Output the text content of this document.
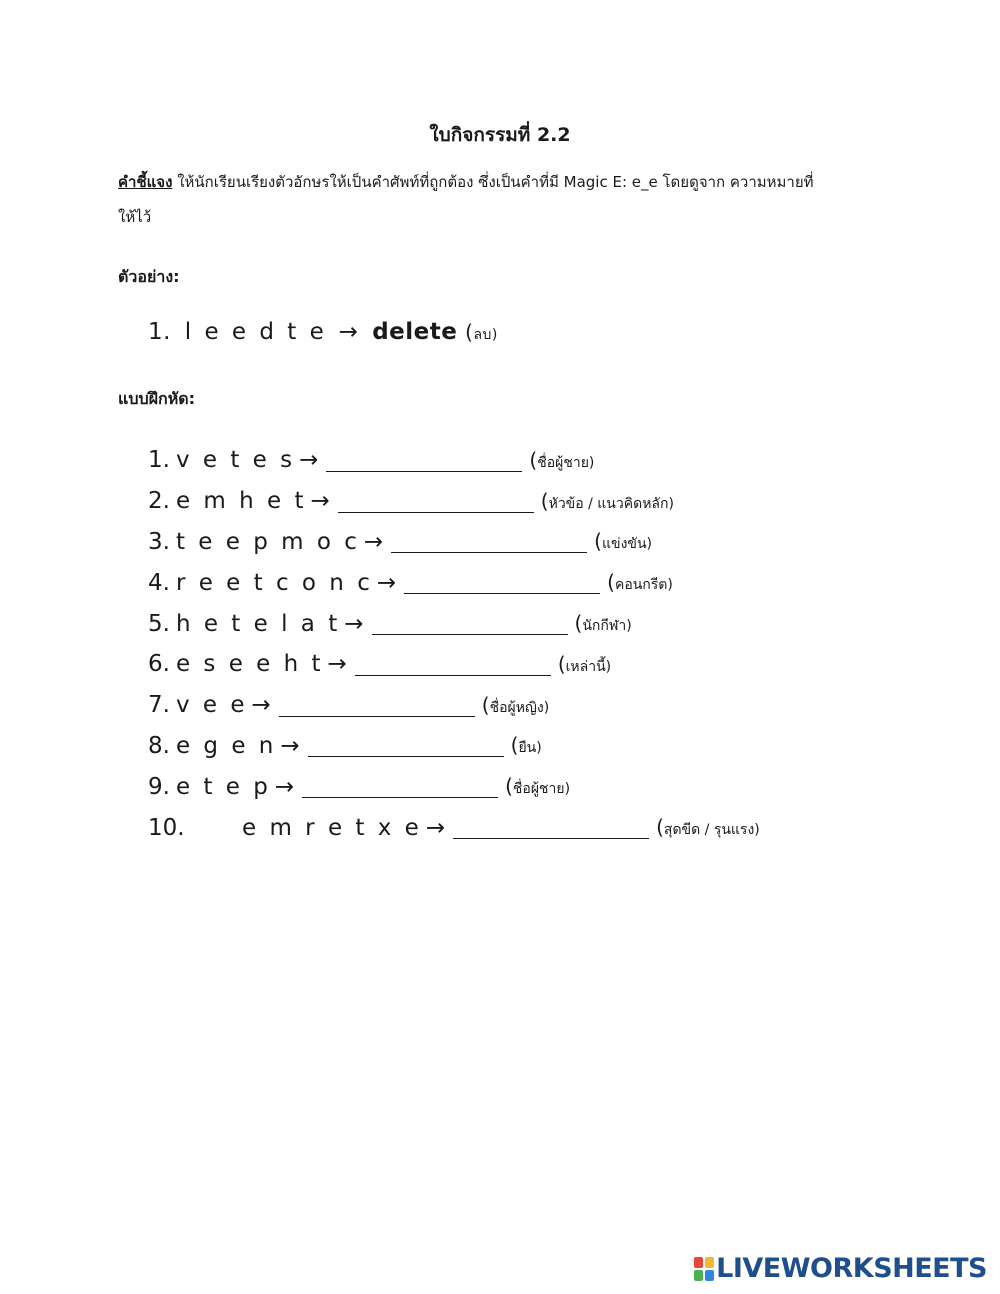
ใบกิจกรรมที่ 2.2
คำชี้แจง ให้นักเรียนเรียงตัวอักษรให้เป็นคำศัพท์ที่ถูกต้อง ซึ่งเป็นคำที่มี Magic E: e_e โดยดูจาก ความหมายที่ให้ไว้
ตัวอย่าง:
1. l e e d t e → delete (ลบ)
แบบฝึกหัด:
1. v e t e s →	(ชื่อผู้ชาย)
2. e m h e t →	(หัวข้อ / แนวคิดหลัก)
3. t e e p m o c →	(แข่งขัน)
4. r e e t c o n c →	(คอนกรีต)
5. h e t e l a t →	(นักกีฬา)
6. e s e e h t →	(เหล่านี้)
7. v e e →	(ชื่อผู้หญิง)
8. e g e n →	(ยืน)
9. e t e p →	(ชื่อผู้ชาย)
10.	e m r e t x e →	(สุดขีด / รุนแรง)
LIVEWORKSHEETS
